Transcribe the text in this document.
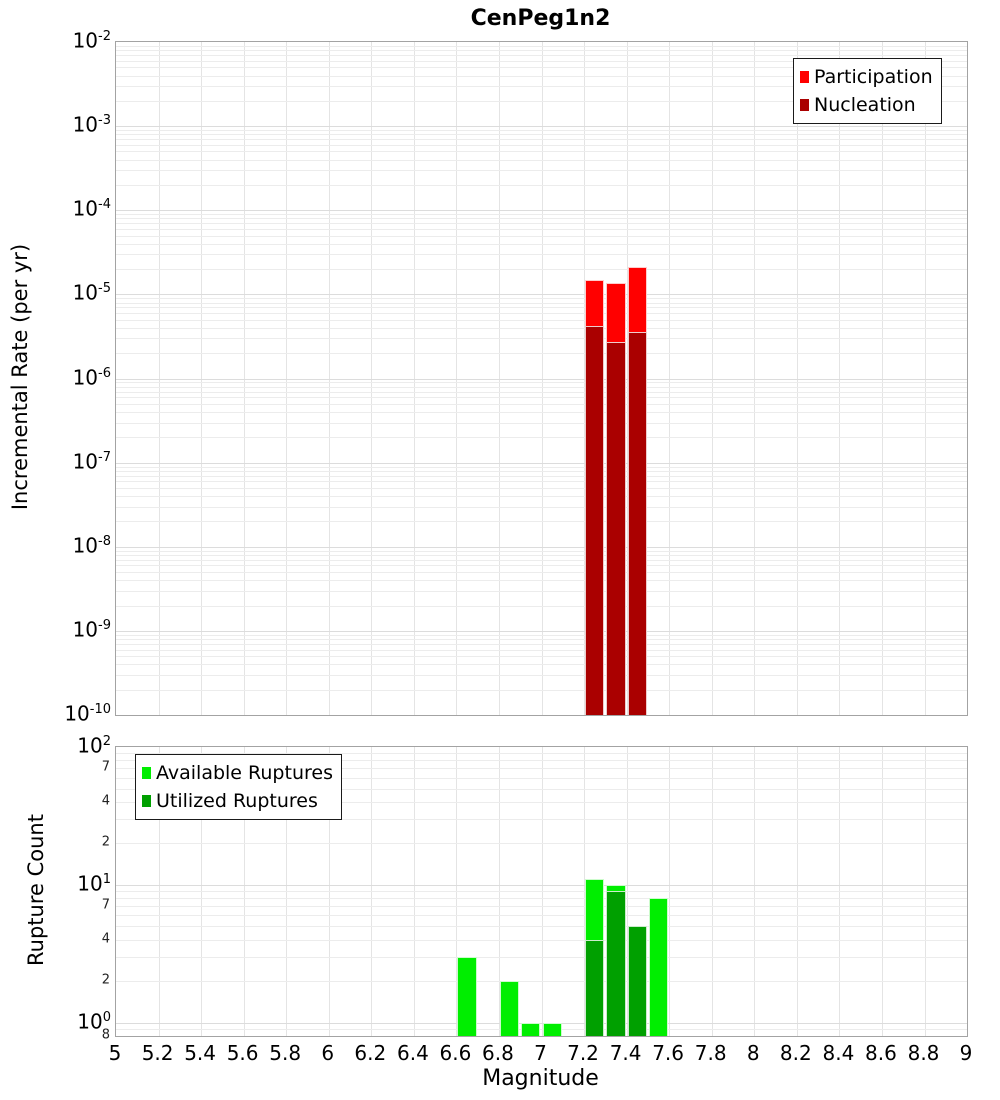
CenPeg1n2
Incremental Rate (per yr)
Rupture Count
Participation
Nucleation
Available Ruptures
Utilized Ruptures
Magnitude
$10^{-2}$
$10^{-3}$
$10^{-4}$
$10^{-5}$
$10^{-6}$
$10^{-7}$
$10^{-8}$
$10^{-9}$
$10^{-10}$
$10^2$
$10^1$
$10^0$
7
4
2
7
4
2
8
5 5.2 5.4 5.6 5.8 6 6.2 6.4 6.6 6.8 7 7.2 7.4 7.6 7.8 8 8.2 8.4 8.6 8.8 9
